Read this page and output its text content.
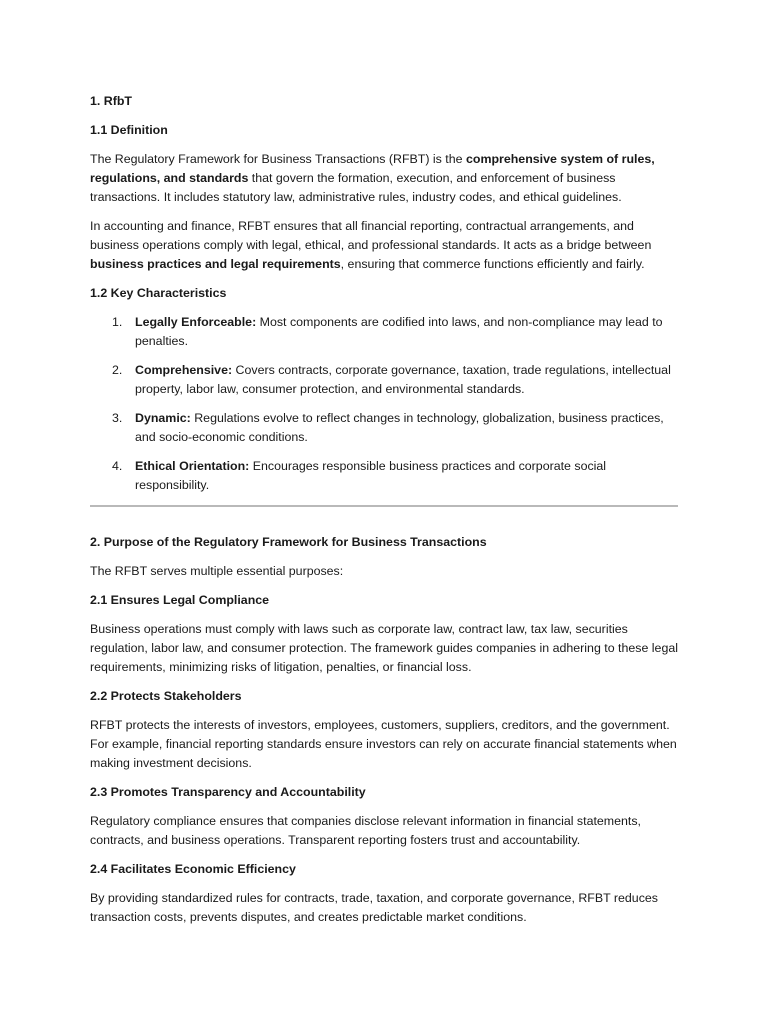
1. RfbT
1.1 Definition

The Regulatory Framework for Business Transactions (RFBT) is the comprehensive system of rules, regulations, and standards that govern the formation, execution, and enforcement of business transactions. It includes statutory law, administrative rules, industry codes, and ethical guidelines.

In accounting and finance, RFBT ensures that all financial reporting, contractual arrangements, and business operations comply with legal, ethical, and professional standards. It acts as a bridge between business practices and legal requirements, ensuring that commerce functions efficiently and fairly.

1.2 Key Characteristics
1. Legally Enforceable: Most components are codified into laws, and non-compliance may lead to penalties.
2. Comprehensive: Covers contracts, corporate governance, taxation, trade regulations, intellectual property, labor law, consumer protection, and environmental standards.
3. Dynamic: Regulations evolve to reflect changes in technology, globalization, business practices, and socio-economic conditions.
4. Ethical Orientation: Encourages responsible business practices and corporate social responsibility.
2. Purpose of the Regulatory Framework for Business Transactions

The RFBT serves multiple essential purposes:

2.1 Ensures Legal Compliance

Business operations must comply with laws such as corporate law, contract law, tax law, securities regulation, labor law, and consumer protection. The framework guides companies in adhering to these legal requirements, minimizing risks of litigation, penalties, or financial loss.

2.2 Protects Stakeholders

RFBT protects the interests of investors, employees, customers, suppliers, creditors, and the government. For example, financial reporting standards ensure investors can rely on accurate financial statements when making investment decisions.

2.3 Promotes Transparency and Accountability

Regulatory compliance ensures that companies disclose relevant information in financial statements, contracts, and business operations. Transparent reporting fosters trust and accountability.

2.4 Facilitates Economic Efficiency

By providing standardized rules for contracts, trade, taxation, and corporate governance, RFBT reduces transaction costs, prevents disputes, and creates predictable market conditions.
